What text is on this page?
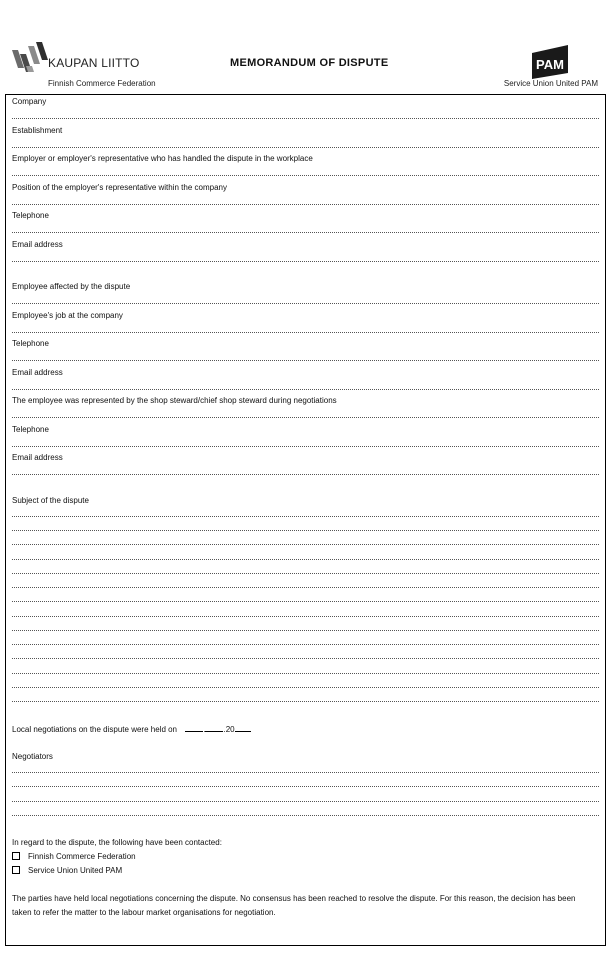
KAUPAN LIITTO
Finnish Commerce Federation
MEMORANDUM OF DISPUTE	PAM
Service Union United PAM
Company
Establishment
Employer or employer's representative who has handled the dispute in the workplace
Position of the employer's representative within the company
Telephone
Email address
Employee affected by the dispute
Employee's job at the company
Telephone
Email address
The employee was represented by the shop steward/chief shop steward during negotiations
Telephone
Email address
Subject of the dispute
Local negotiations on the dispute were held on	. .20
Negotiators
In regard to the dispute, the following have been contacted:
Finnish Commerce Federation
Service Union United PAM
The parties have held local negotiations concerning the dispute. No consensus has been reached to resolve the dispute. For this reason, the decision has been taken to refer the matter to the labour market organisations for negotiation.
